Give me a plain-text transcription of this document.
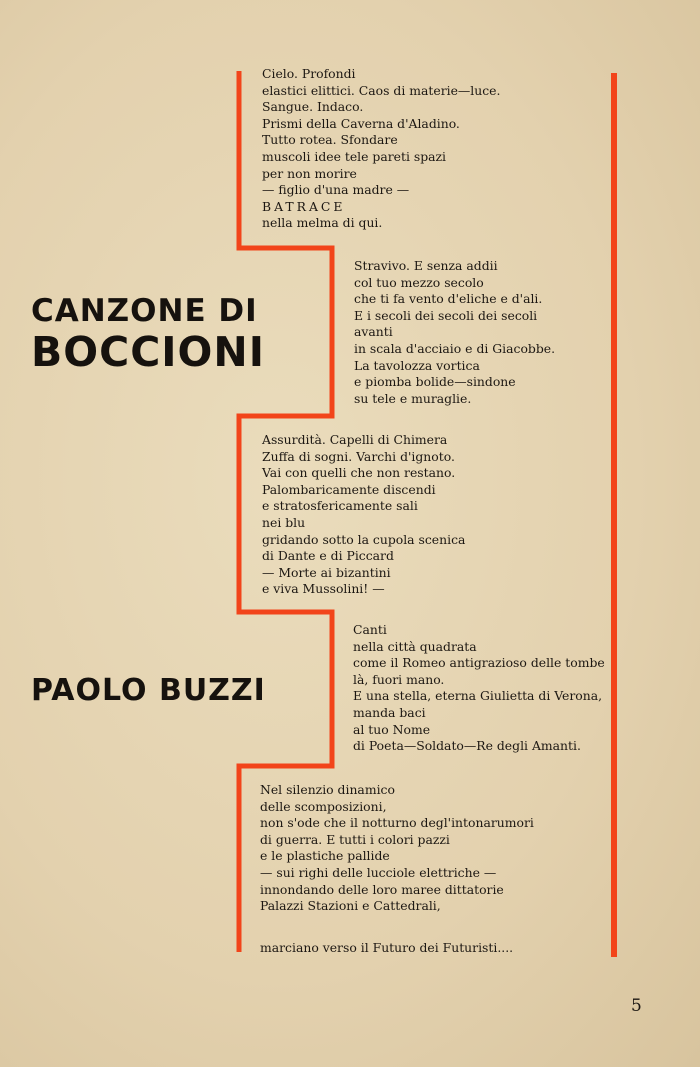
CANZONE DI
BOCCIONI
PAOLO BUZZI
Cielo. Profondi
elastici elittici. Caos di materie—luce.
Sangue. Indaco.
Prismi della Caverna d'Aladino.
Tutto rotea. Sfondare
muscoli idee tele pareti spazi
per non morire
— figlio d'una madre —
BATRACE
nella melma di qui.
Stravivo. E senza addii
col tuo mezzo secolo
che ti fa vento d'eliche e d'ali.
E i secoli dei secoli dei secoli
avanti
in scala d'acciaio e di Giacobbe.
La tavolozza vortica
e piomba bolide—sindone
su tele e muraglie.
Assurdità. Capelli di Chimera
Zuffa di sogni. Varchi d'ignoto.
Vai con quelli che non restano.
Palombaricamente discendi
e stratosfericamente sali
nei blu
gridando sotto la cupola scenica
di Dante e di Piccard
— Morte ai bizantini
e viva Mussolini! —
Canti
nella città quadrata
come il Romeo antigrazioso delle tombe
là, fuori mano.
E una stella, eterna Giulietta di Verona,
manda baci
al tuo Nome
di Poeta—Soldato—Re degli Amanti.
Nel silenzio dinamico
delle scomposizioni,
non s'ode che il notturno degl'intonarumori
di guerra. E tutti i colori pazzi
e le plastiche pallide
— sui righi delle lucciole elettriche —
innondando delle loro maree dittatorie
Palazzi Stazioni e Cattedrali,
marciano verso il Futuro dei Futuristi....
5
